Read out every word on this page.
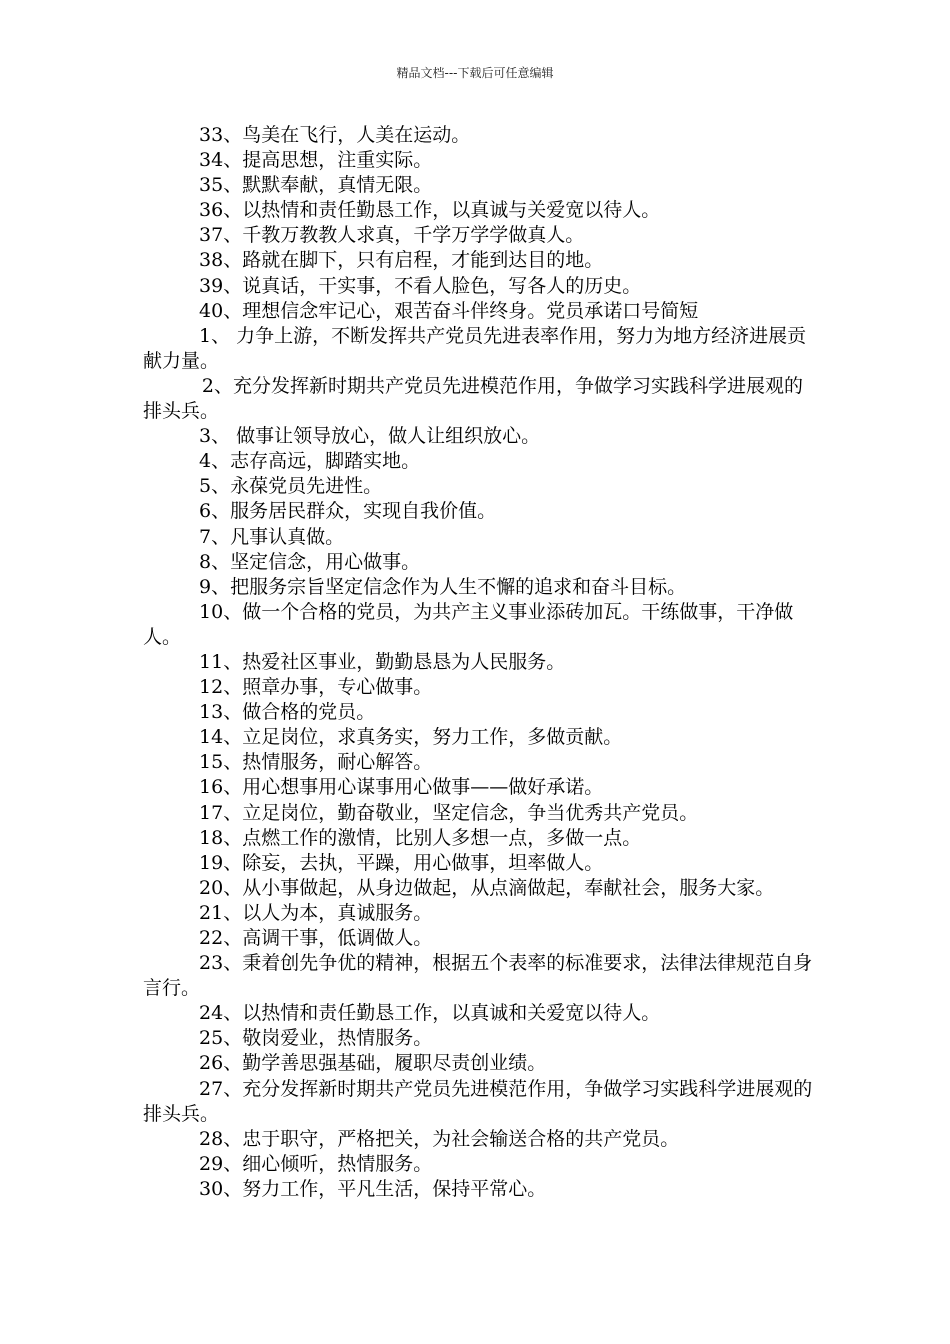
精品文档---下载后可任意编辑

33、鸟美在飞行，人美在运动。

34、提高思想，注重实际。

35、默默奉献，真情无限。

36、以热情和责任勤恳工作，以真诚与关爱宽以待人。

37、千教万教教人求真，千学万学学做真人。

38、路就在脚下，只有启程，才能到达目的地。

39、说真话，干实事，不看人脸色，写各人的历史。

40、理想信念牢记心，艰苦奋斗伴终身。党员承诺口号简短

1、 力争上游，不断发挥共产党员先进表率作用，努力为地方经济进展贡献力量。

2、充分发挥新时期共产党员先进模范作用，争做学习实践科学进展观的排头兵。

3、 做事让领导放心，做人让组织放心。

4、志存高远，脚踏实地。

5、永葆党员先进性。

6、服务居民群众，实现自我价值。

7、凡事认真做。

8、坚定信念，用心做事。

9、把服务宗旨坚定信念作为人生不懈的追求和奋斗目标。

10、做一个合格的党员，为共产主义事业添砖加瓦。干练做事，干净做人。

11、热爱社区事业，勤勤恳恳为人民服务。

12、照章办事，专心做事。

13、做合格的党员。

14、立足岗位，求真务实，努力工作，多做贡献。

15、热情服务，耐心解答。

16、用心想事用心谋事用心做事——做好承诺。

17、立足岗位，勤奋敬业，坚定信念，争当优秀共产党员。

18、点燃工作的激情，比别人多想一点，多做一点。

19、除妄，去执，平躁，用心做事，坦率做人。

20、从小事做起，从身边做起，从点滴做起，奉献社会，服务大家。

21、以人为本，真诚服务。

22、高调干事，低调做人。

23、秉着创先争优的精神，根据五个表率的标准要求，法律法律规范自身言行。

24、以热情和责任勤恳工作，以真诚和关爱宽以待人。

25、敬岗爱业，热情服务。

26、勤学善思强基础，履职尽责创业绩。

27、充分发挥新时期共产党员先进模范作用，争做学习实践科学进展观的排头兵。

28、忠于职守，严格把关，为社会输送合格的共产党员。

29、细心倾听，热情服务。

30、努力工作，平凡生活，保持平常心。
